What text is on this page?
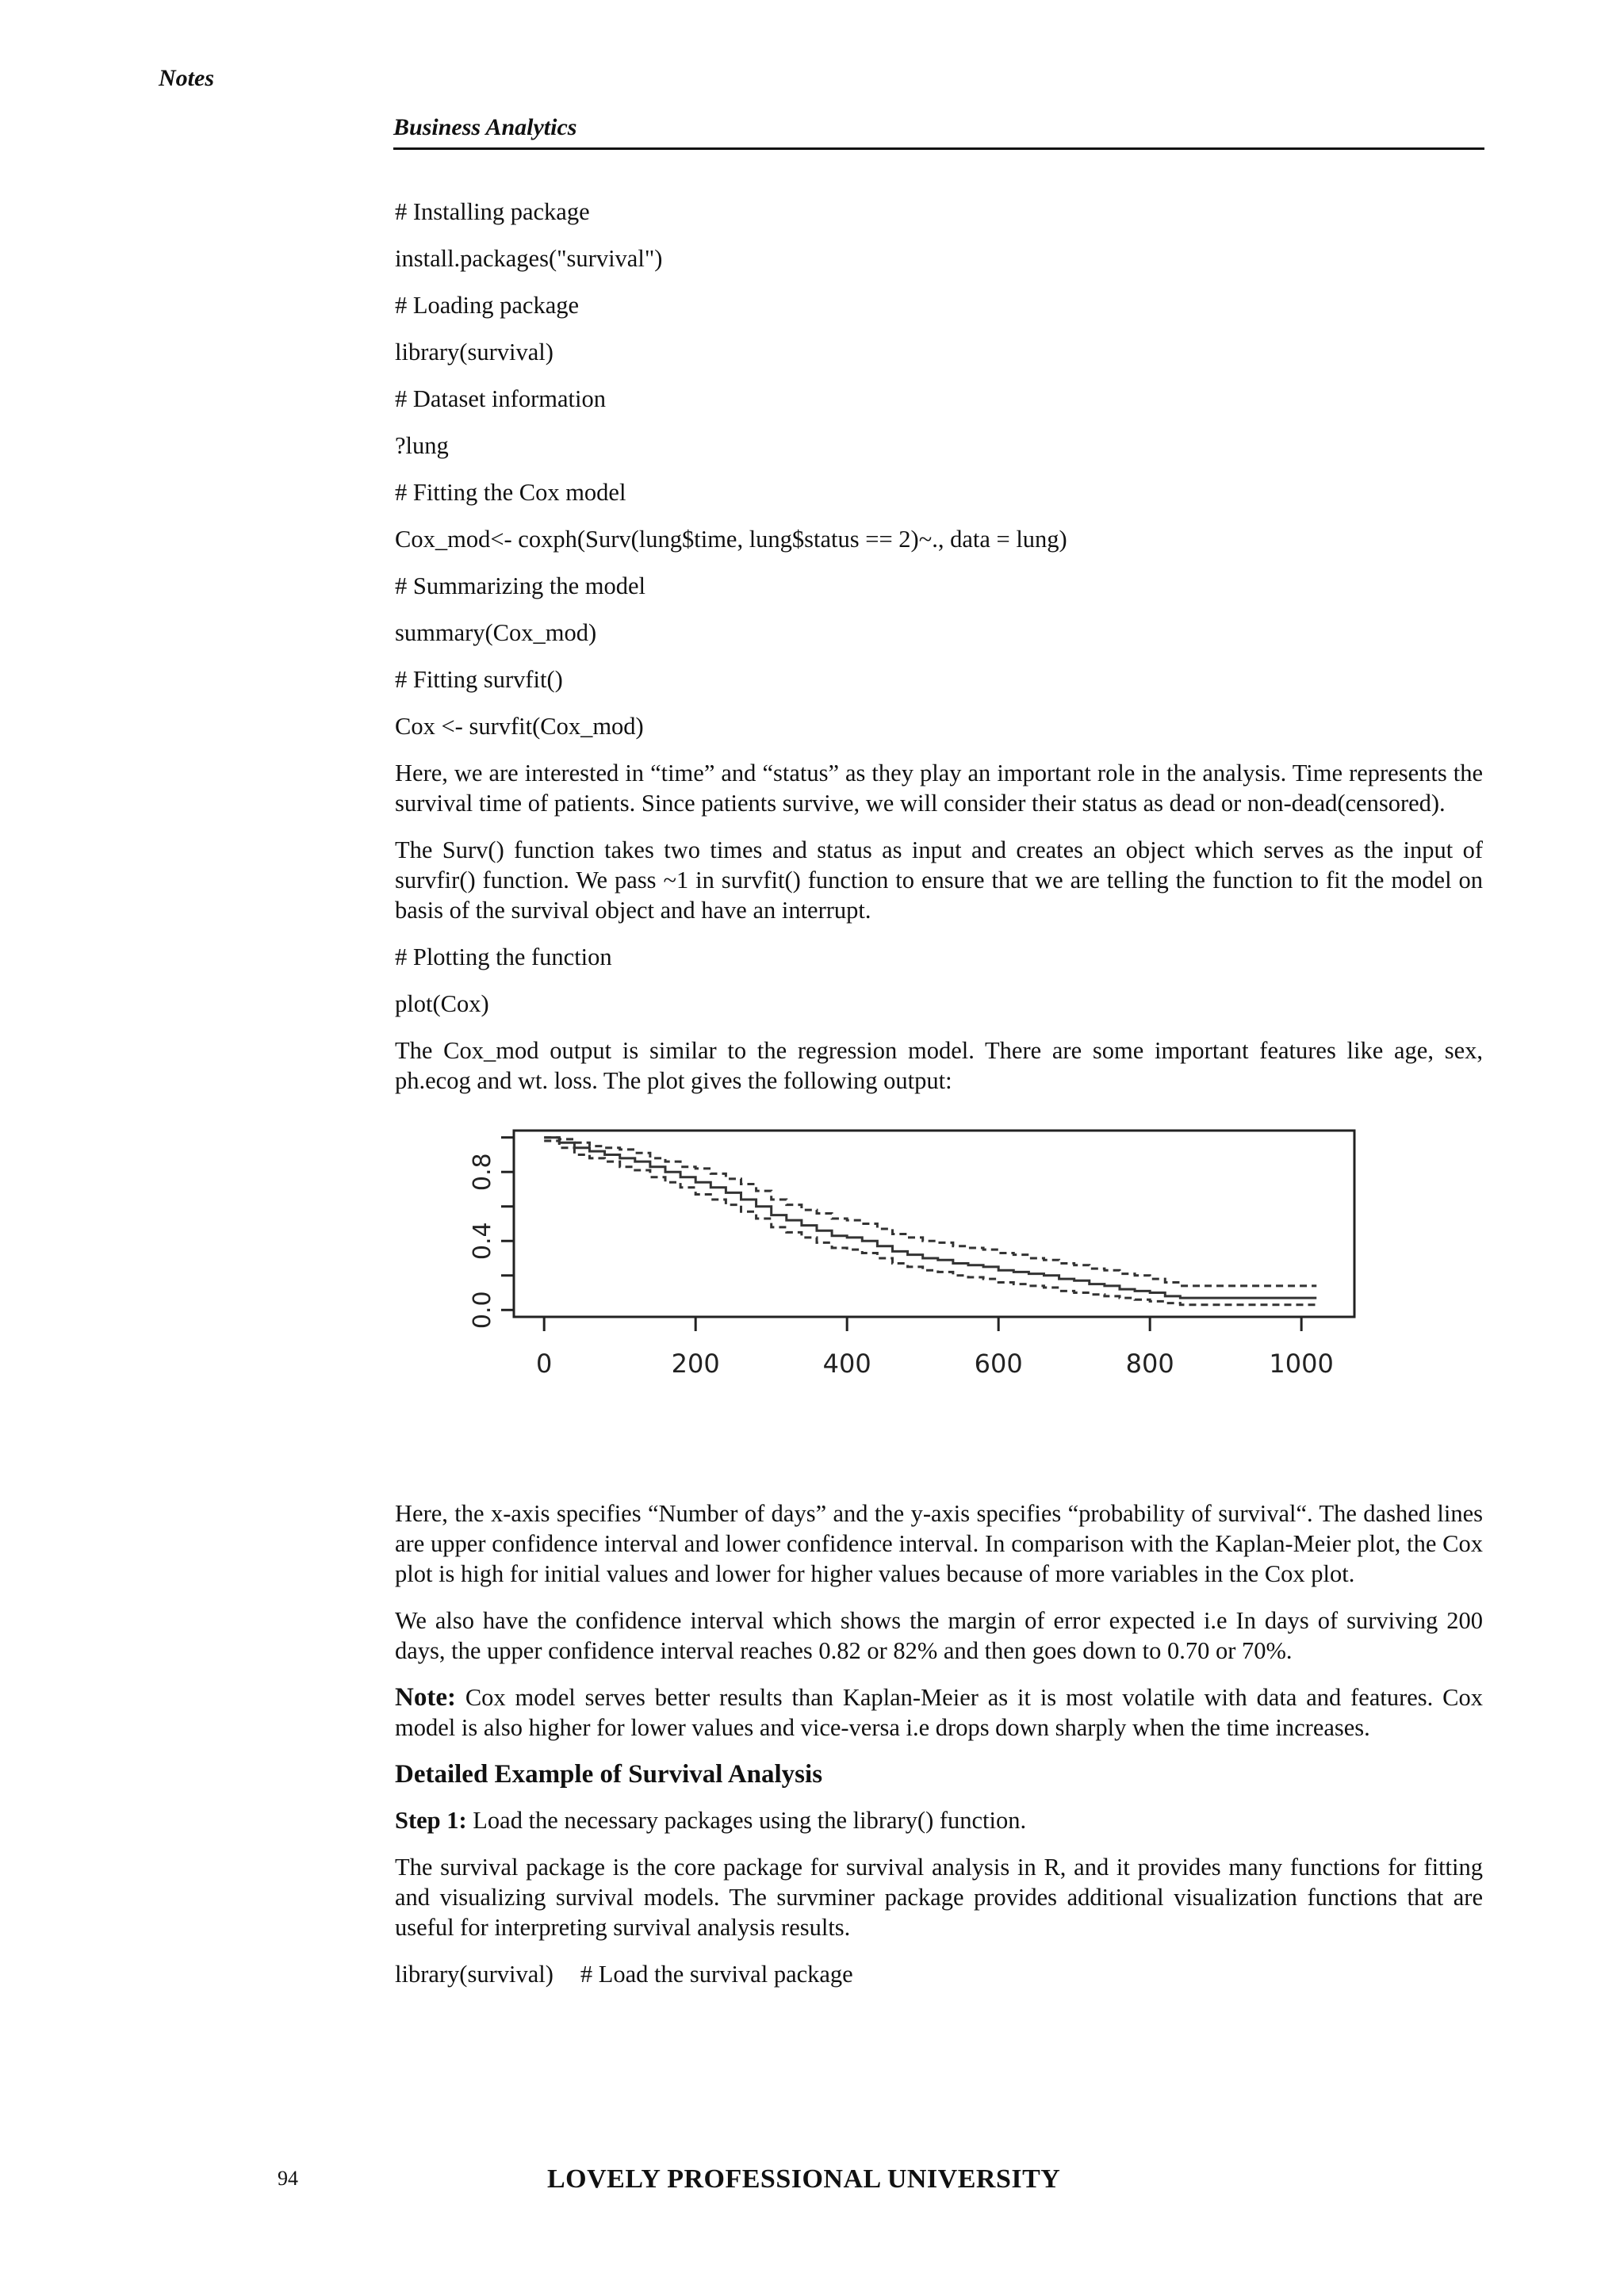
Notes
Business Analytics
# Installing package
install.packages("survival")
# Loading package
library(survival)
# Dataset information
?lung
# Fitting the Cox model
Cox_mod<- coxph(Surv(lung$time, lung$status == 2)~., data = lung)
# Summarizing the model
summary(Cox_mod)
# Fitting survfit()
Cox <- survfit(Cox_mod)

Here, we are interested in “time” and “status” as they play an important role in the analysis. Time represents the survival time of patients. Since patients survive, we will consider their status as dead or non-dead(censored).

The Surv() function takes two times and status as input and creates an object which serves as the input of survfir() function. We pass ~1 in survfit() function to ensure that we are telling the function to fit the model on basis of the survival object and have an interrupt.

# Plotting the function
plot(Cox)

The Cox_mod output is similar to the regression model. There are some important features like age, sex, ph.ecog and wt. loss. The plot gives the following output:

0.0
0.4
0.8
0	200	400	600	800	1000

Here, the x-axis specifies “Number of days” and the y-axis specifies “probability of survival“. The dashed lines are upper confidence interval and lower confidence interval. In comparison with the Kaplan-Meier plot, the Cox plot is high for initial values and lower for higher values because of more variables in the Cox plot.

We also have the confidence interval which shows the margin of error expected i.e In days of surviving 200 days, the upper confidence interval reaches 0.82 or 82% and then goes down to 0.70 or 70%.

Note: Cox model serves better results than Kaplan-Meier as it is most volatile with data and features. Cox model is also higher for lower values and vice-versa i.e drops down sharply when the time increases.

Detailed Example of Survival Analysis

Step 1: Load the necessary packages using the library() function.

The survival package is the core package for survival analysis in R, and it provides many functions for fitting and visualizing survival models. The survminer package provides additional visualization functions that are useful for interpreting survival analysis results.

library(survival) # Load the survival package
94	LOVELY PROFESSIONAL UNIVERSITY
